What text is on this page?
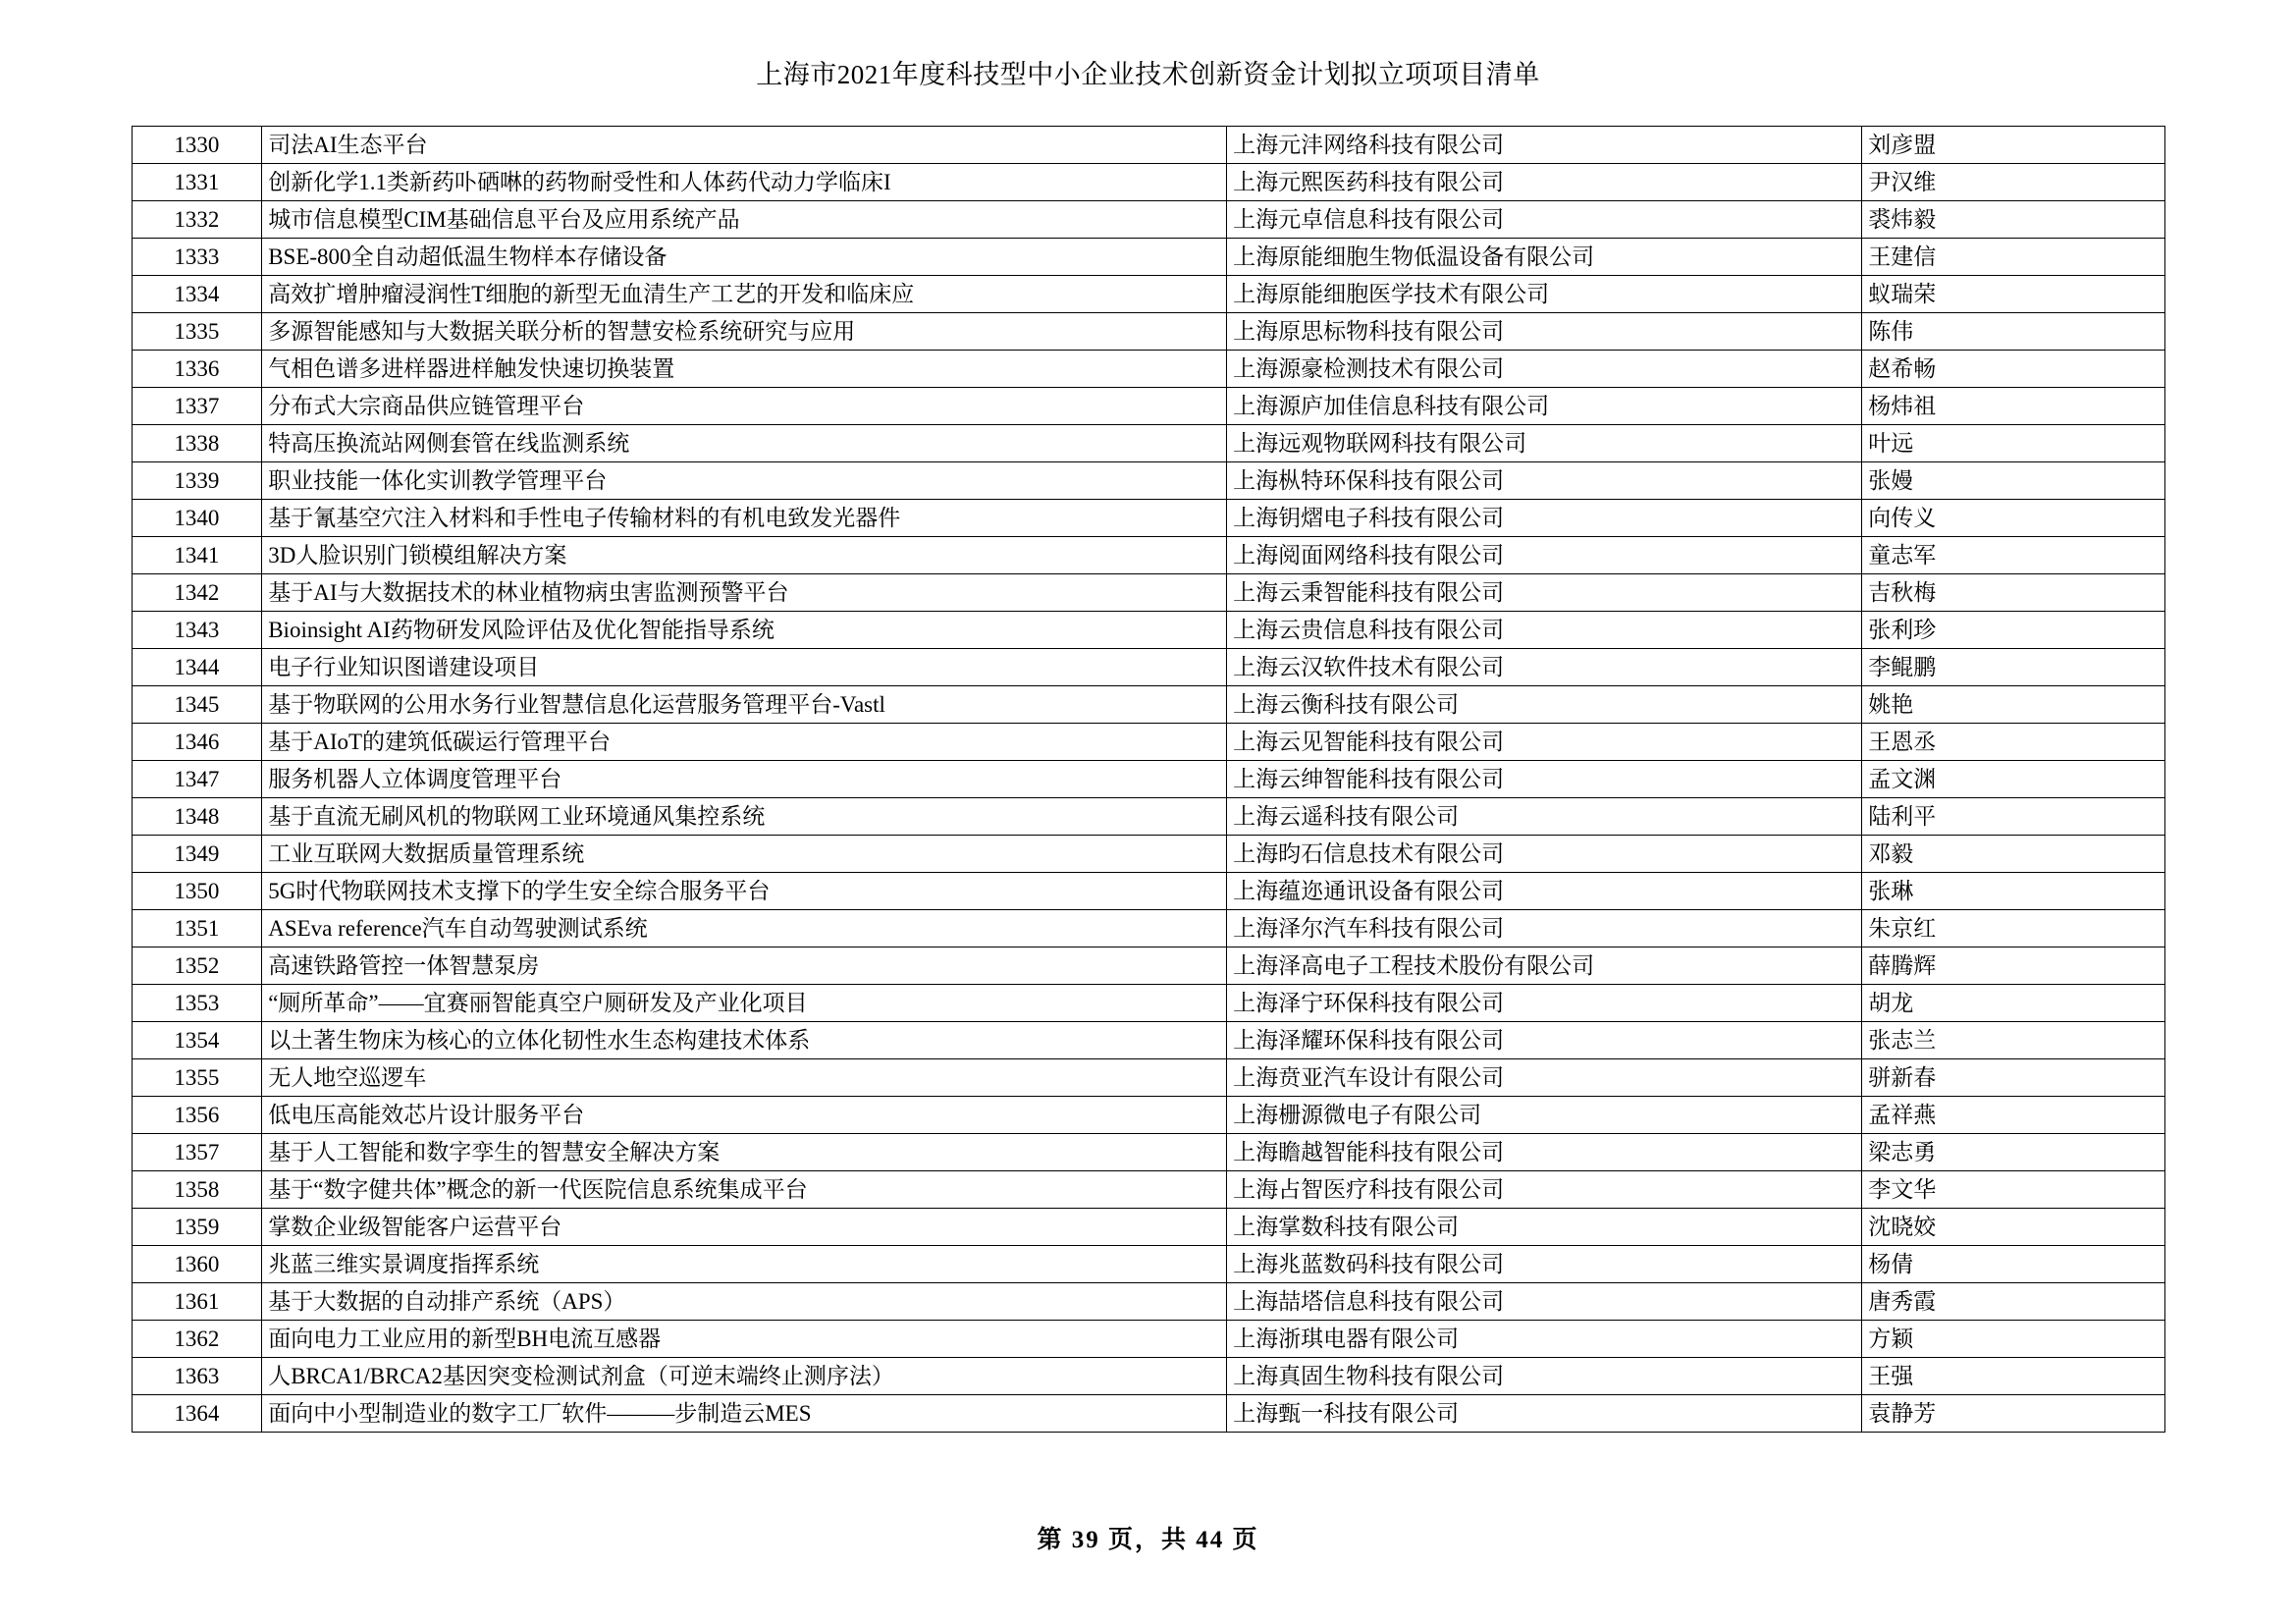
上海市2021年度科技型中小企业技术创新资金计划拟立项项目清单
1330	司法AI生态平台	上海元沣网络科技有限公司	刘彦盟
1331	创新化学1.1类新药卟硒啉的药物耐受性和人体药代动力学临床I	上海元熙医药科技有限公司	尹汉维
1332	城市信息模型CIM基础信息平台及应用系统产品	上海元卓信息科技有限公司	裘炜毅
1333	BSE-800全自动超低温生物样本存储设备	上海原能细胞生物低温设备有限公司	王建信
1334	高效扩增肿瘤浸润性T细胞的新型无血清生产工艺的开发和临床应	上海原能细胞医学技术有限公司	蚁瑞荣
1335	多源智能感知与大数据关联分析的智慧安检系统研究与应用	上海原思标物科技有限公司	陈伟
1336	气相色谱多进样器进样触发快速切换装置	上海源豪检测技术有限公司	赵希畅
1337	分布式大宗商品供应链管理平台	上海源庐加佳信息科技有限公司	杨炜祖
1338	特高压换流站网侧套管在线监测系统	上海远观物联网科技有限公司	叶远
1339	职业技能一体化实训教学管理平台	上海枞特环保科技有限公司	张嫚
1340	基于氰基空穴注入材料和手性电子传输材料的有机电致发光器件	上海钥熠电子科技有限公司	向传义
1341	3D人脸识别门锁模组解决方案	上海阅面网络科技有限公司	童志军
1342	基于AI与大数据技术的林业植物病虫害监测预警平台	上海云秉智能科技有限公司	吉秋梅
1343	Bioinsight AI药物研发风险评估及优化智能指导系统	上海云贵信息科技有限公司	张利珍
1344	电子行业知识图谱建设项目	上海云汉软件技术有限公司	李鲲鹏
1345	基于物联网的公用水务行业智慧信息化运营服务管理平台-Vastl	上海云衡科技有限公司	姚艳
1346	基于AIoT的建筑低碳运行管理平台	上海云见智能科技有限公司	王恩丞
1347	服务机器人立体调度管理平台	上海云绅智能科技有限公司	孟文渊
1348	基于直流无刷风机的物联网工业环境通风集控系统	上海云遥科技有限公司	陆利平
1349	工业互联网大数据质量管理系统	上海昀石信息技术有限公司	邓毅
1350	5G时代物联网技术支撑下的学生安全综合服务平台	上海蕴迩通讯设备有限公司	张琳
1351	ASEva reference汽车自动驾驶测试系统	上海泽尔汽车科技有限公司	朱京红
1352	高速铁路管控一体智慧泵房	上海泽高电子工程技术股份有限公司	薛腾辉
1353	“厕所革命”——宜赛丽智能真空户厕研发及产业化项目	上海泽宁环保科技有限公司	胡龙
1354	以土著生物床为核心的立体化韧性水生态构建技术体系	上海泽耀环保科技有限公司	张志兰
1355	无人地空巡逻车	上海贲亚汽车设计有限公司	骈新春
1356	低电压高能效芯片设计服务平台	上海栅源微电子有限公司	孟祥燕
1357	基于人工智能和数字孪生的智慧安全解决方案	上海瞻越智能科技有限公司	梁志勇
1358	基于“数字健共体”概念的新一代医院信息系统集成平台	上海占智医疗科技有限公司	李文华
1359	掌数企业级智能客户运营平台	上海掌数科技有限公司	沈晓姣
1360	兆蓝三维实景调度指挥系统	上海兆蓝数码科技有限公司	杨倩
1361	基于大数据的自动排产系统（APS）	上海喆塔信息科技有限公司	唐秀霞
1362	面向电力工业应用的新型BH电流互感器	上海浙琪电器有限公司	方颖
1363	人BRCA1/BRCA2基因突变检测试剂盒（可逆末端终止测序法）	上海真固生物科技有限公司	王强
1364	面向中小型制造业的数字工厂软件———步制造云MES	上海甄一科技有限公司	袁静芳
第 39 页，共 44 页
